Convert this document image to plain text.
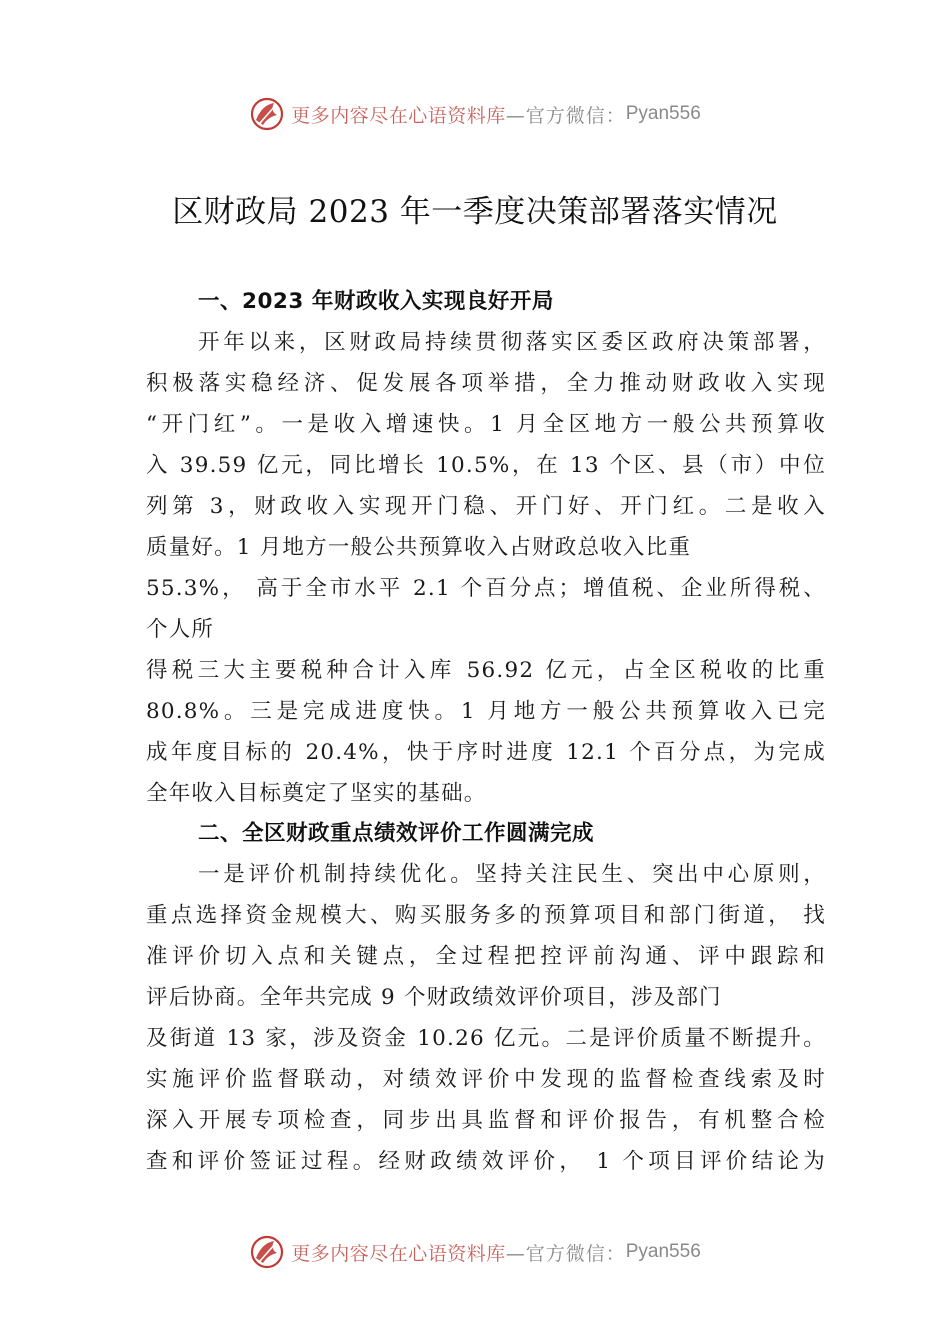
更多内容尽在心语资料库 —官方微信： Pyan556
区财政局 2023 年一季度决策部署落实情况
一、2023 年财政收入实现良好开局
开年以来，区财政局持续贯彻落实区委区政府决策部署，
积极落实稳经济、促发展各项举措，全力推动财政收入实现
“开门红”。一是收入增速快。1 月全区地方一般公共预算收
入 39.59 亿元，同比增长 10.5%，在 13 个区、县（市）中位
列第 3，财政收入实现开门稳、开门好、开门红。二是收入
质量好。1 月地方一般公共预算收入占财政总收入比重
55.3%， 高于全市水平 2.1 个百分点；增值税、企业所得税、
个人所
得税三大主要税种合计入库 56.92 亿元，占全区税收的比重
80.8%。三是完成进度快。1 月地方一般公共预算收入已完
成年度目标的 20.4%，快于序时进度 12.1 个百分点，为完成
全年收入目标奠定了坚实的基础。
二、全区财政重点绩效评价工作圆满完成
一是评价机制持续优化。坚持关注民生、突出中心原则，
重点选择资金规模大、购买服务多的预算项目和部门街道， 找
准评价切入点和关键点，全过程把控评前沟通、评中跟踪和
评后协商。全年共完成 9 个财政绩效评价项目，涉及部门
及街道 13 家，涉及资金 10.26 亿元。二是评价质量不断提升。
实施评价监督联动，对绩效评价中发现的监督检查线索及时
深入开展专项检查，同步出具监督和评价报告，有机整合检
查和评价签证过程。经财政绩效评价， 1 个项目评价结论为
更多内容尽在心语资料库 —官方微信： Pyan556
